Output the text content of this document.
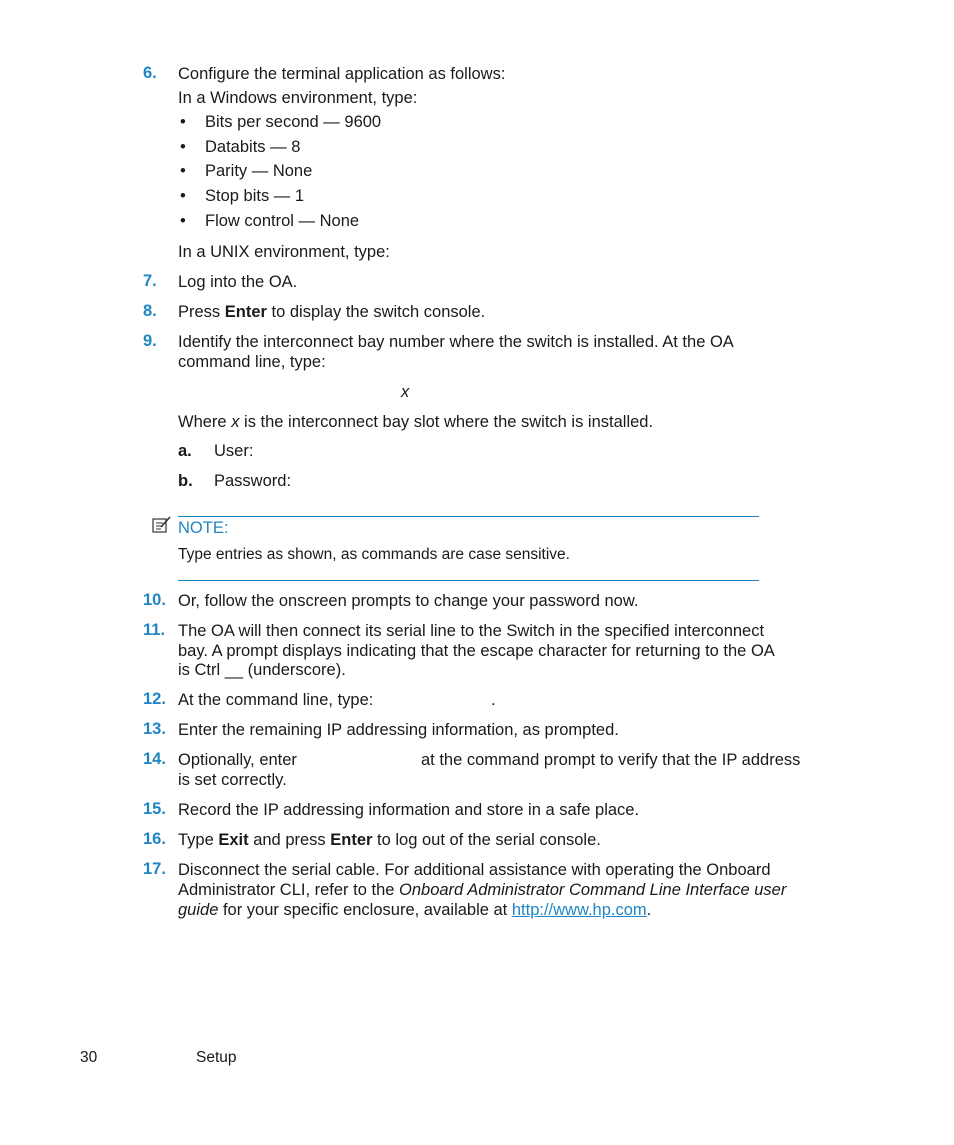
6. Configure the terminal application as follows:
In a Windows environment, type:
• Bits per second — 9600
• Databits — 8
• Parity — None
• Stop bits — 1
• Flow control — None
In a UNIX environment, type:
7. Log into the OA.
8. Press Enter to display the switch console.
9. Identify the interconnect bay number where the switch is installed. At the OA
command line, type:
x
Where x is the interconnect bay slot where the switch is installed.
a. User:
b. Password:
NOTE:
Type entries as shown, as commands are case sensitive.
10. Or, follow the onscreen prompts to change your password now.
11. The OA will then connect its serial line to the Switch in the specified interconnect
bay. A prompt displays indicating that the escape character for returning to the OA
is Ctrl __ (underscore).
12. At the command line, type:	.
13. Enter the remaining IP addressing information, as prompted.
14. Optionally, enter	at the command prompt to verify that the IP address
is set correctly.
15. Record the IP addressing information and store in a safe place.
16. Type Exit and press Enter to log out of the serial console.
17. Disconnect the serial cable. For additional assistance with operating the Onboard
Administrator CLI, refer to the Onboard Administrator Command Line Interface user
guide for your specific enclosure, available at http://www.hp.com.
30	Setup
